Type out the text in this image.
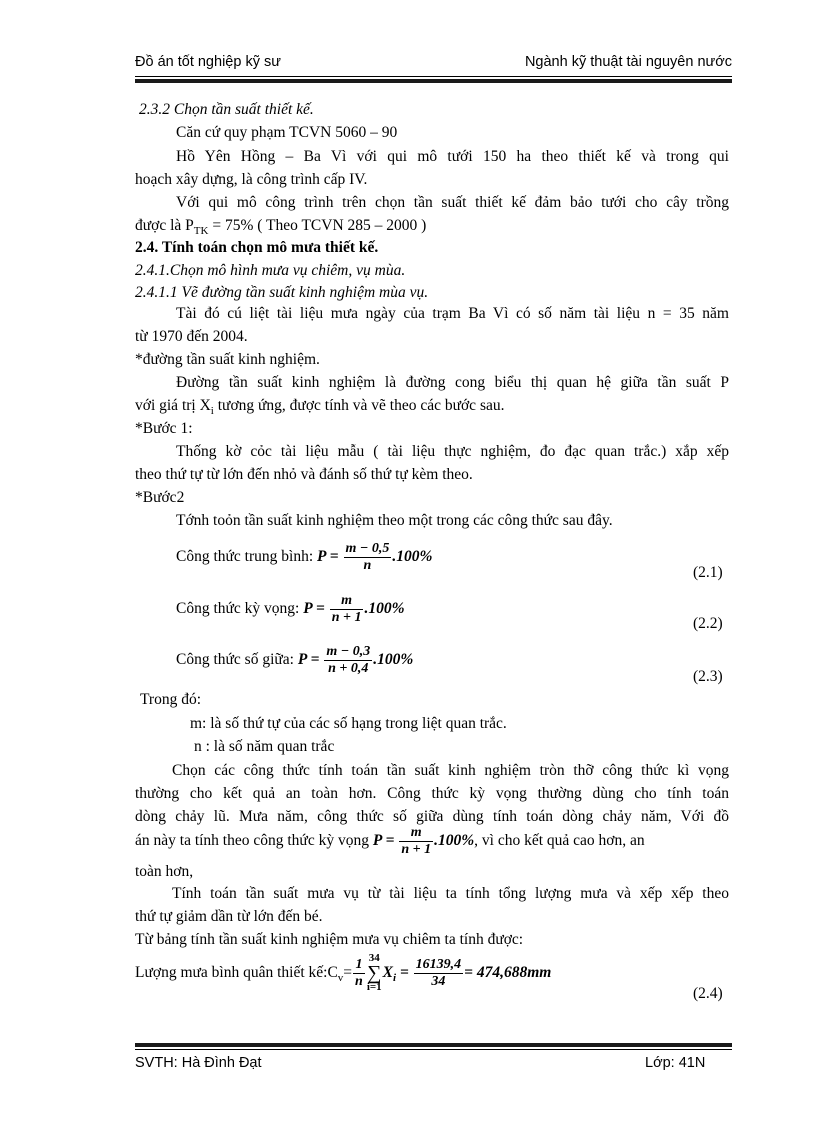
Đồ án tốt nghiệp kỹ sư	Ngành kỹ thuật tài nguyên nước
2.3.2 Chọn tần suất thiết kế.
Căn cứ quy phạm TCVN 5060 – 90
Hồ Yên Hồng – Ba Vì với qui mô tưới 150 ha theo thiết kế và trong qui
hoạch xây dựng, là công trình cấp IV.
Với qui mô công trình trên chọn tần suất thiết kế đảm bảo tưới cho cây trồng
được là $P_{TK} = 75\%$ ( Theo TCVN 285 – 2000 )
2.4. Tính toán chọn mô mưa thiết kế.
2.4.1.Chọn mô hình mưa vụ chiêm, vụ mùa.
2.4.1.1 Vẽ đường tần suất kinh nghiệm mùa vụ.
Tài đó cú liệt tài liệu mưa ngày của trạm Ba Vì có số năm tài liệu n = 35 năm
từ 1970 đến 2004.
*đường tần suất kinh nghiệm.
Đường tần suất kinh nghiệm là đường cong biểu thị quan hệ giữa tần suất P
với giá trị $X_i$ tương ứng, được tính và vẽ theo các bước sau.
*Bước 1:
Thống kờ cỏc tài liệu mẫu ( tài liệu thực nghiệm, đo đạc quan trắc.) xắp xếp
theo thứ tự từ lớn đến nhỏ và đánh số thứ tự kèm theo.
*Bước2
Tớnh toỏn tần suất kinh nghiệm theo một trong các công thức sau đây.
Công thức trung bình: $P = \frac{m - 0,5}{n} .100\%$
(2.1)
Công thức kỳ vọng: $P = \frac{m}{n + 1} .100\%$
(2.2)
Công thức số giữa: $P = \frac{m - 0,3}{n + 0,4} .100\%$
(2.3)
Trong đó:
m: là số thứ tự của các số hạng trong liệt quan trắc.
n : là số năm quan trắc
Chọn các công thức tính toán tần suất kinh nghiệm tròn thỡ công thức kì vọng
thường cho kết quả an toàn hơn. Công thức kỳ vọng thường dùng cho tính toán
dòng chảy lũ. Mưa năm, công thức số giữa dùng tính toán dòng chảy năm, Với đồ
án này ta tính theo công thức kỳ vọng $P = \frac{m}{n + 1} .100\%$, vì cho kết quả cao hơn, an
toàn hơn,
Tính toán tần suất mưa vụ từ tài liệu ta tính tổng lượng mưa và xếp xếp theo
thứ tự giảm dần từ lớn đến bé.
Từ bảng tính tần suất kinh nghiệm mưa vụ chiêm ta tính được:
Lượng mưa bình quân thiết $kế:C_v= \frac{1}{n} 34$
∑
i=1
$X_i = \frac{16139,4}{34} = 474,688mm$
(2.4)
SVTH: Hà Đình Đạt	Lớp: 41N
